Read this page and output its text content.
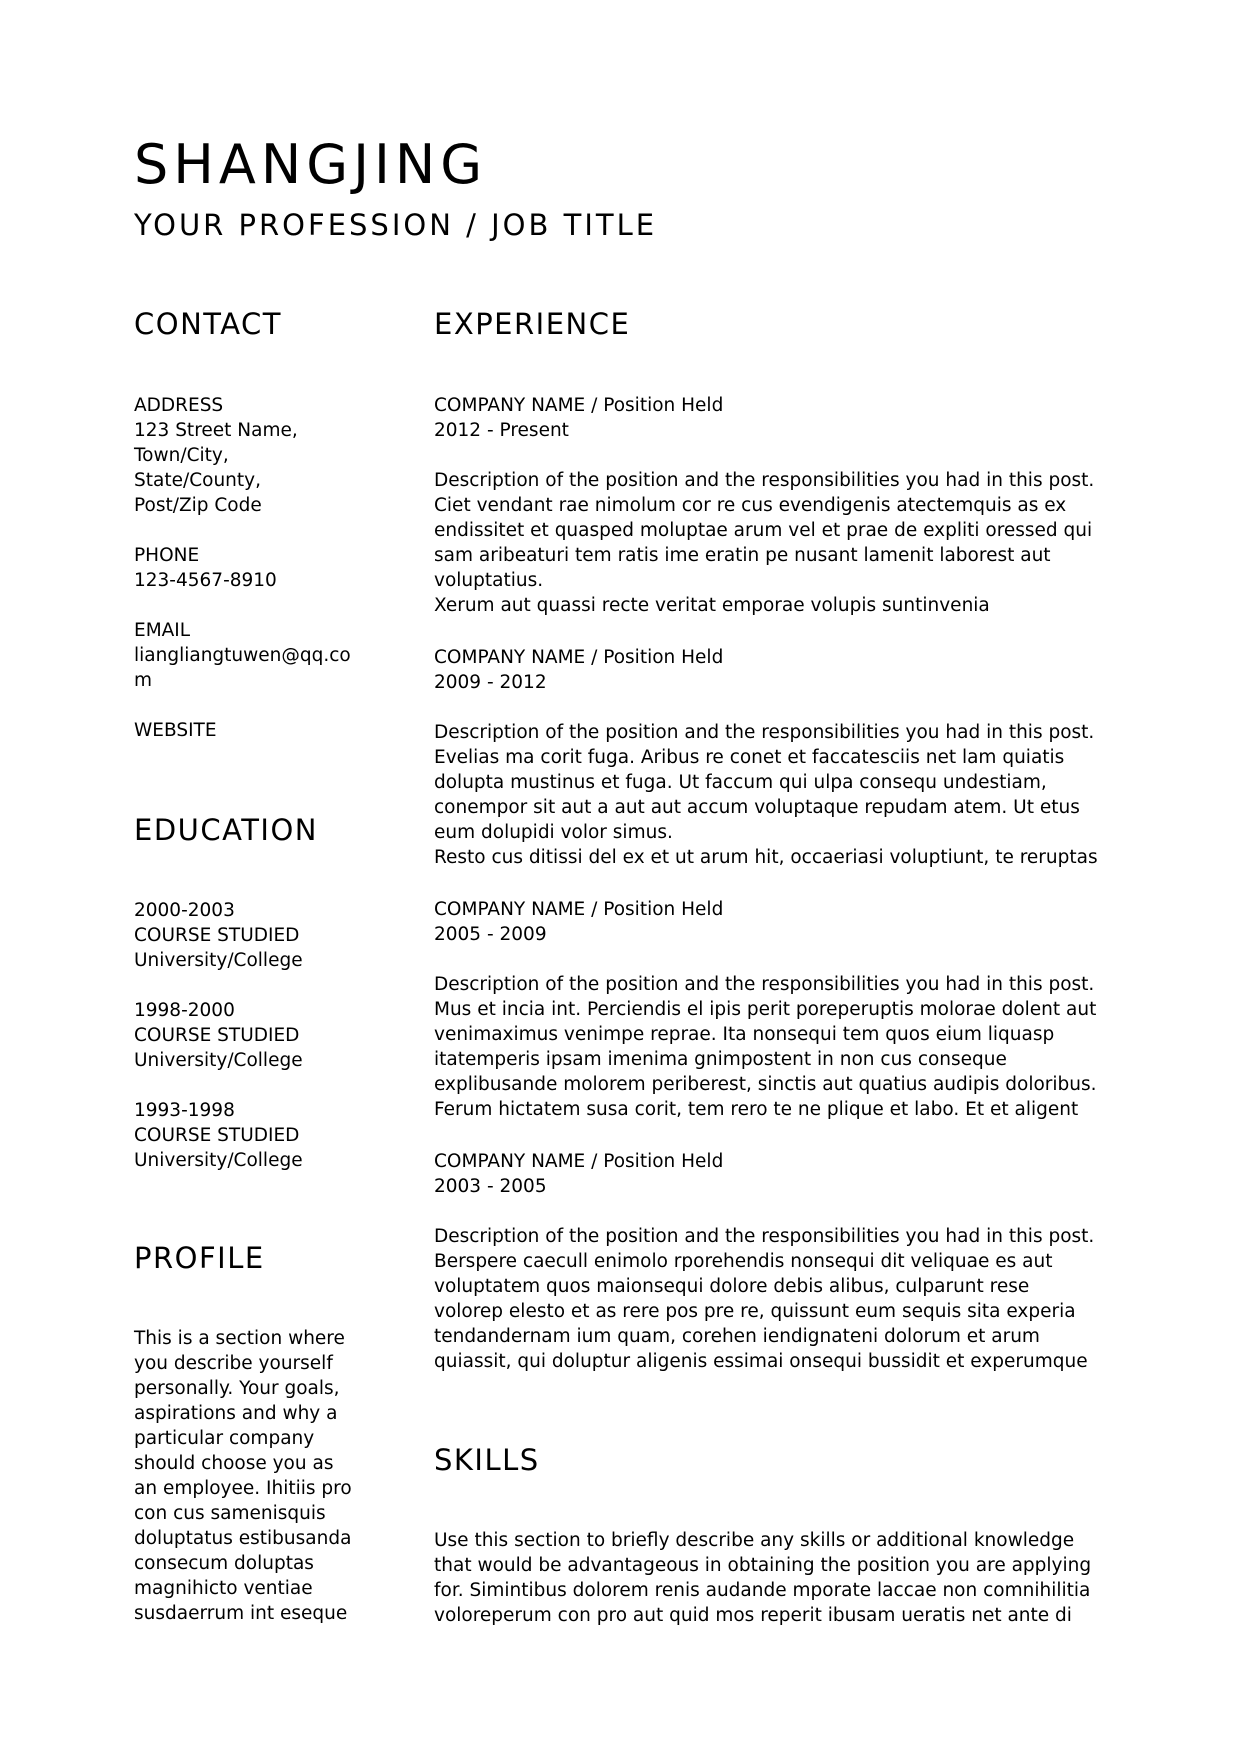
SHANGJING
YOUR PROFESSION / JOB TITLE
CONTACT
ADDRESS
123 Street Name,
Town/City,
State/County,
Post/Zip Code
PHONE
123-4567-8910
EMAIL
liangliangtuwen@qq.co
m
WEBSITE
EDUCATION
2000-2003
COURSE STUDIED
University/College
1998-2000
COURSE STUDIED
University/College
1993-1998
COURSE STUDIED
University/College
PROFILE
This is a section where
you describe yourself
personally. Your goals,
aspirations and why a
particular company
should choose you as
an employee. Ihitiis pro
con cus samenisquis
doluptatus estibusanda
consecum doluptas
magnihicto ventiae
susdaerrum int eseque
EXPERIENCE
COMPANY NAME / Position Held
2012 - Present
Description of the position and the responsibilities you had in this post.
Ciet vendant rae nimolum cor re cus evendigenis atectemquis as ex
endissitet et quasped moluptae arum vel et prae de expliti oressed qui
sam aribeaturi tem ratis ime eratin pe nusant lamenit laborest aut
voluptatius.
Xerum aut quassi recte veritat emporae volupis suntinvenia
COMPANY NAME / Position Held
2009 - 2012
Description of the position and the responsibilities you had in this post.
Evelias ma corit fuga. Aribus re conet et faccatesciis net lam quiatis
dolupta mustinus et fuga. Ut faccum qui ulpa consequ undestiam,
conempor sit aut a aut aut accum voluptaque repudam atem. Ut etus
eum dolupidi volor simus.
Resto cus ditissi del ex et ut arum hit, occaeriasi voluptiunt, te reruptas
COMPANY NAME / Position Held
2005 - 2009
Description of the position and the responsibilities you had in this post.
Mus et incia int. Perciendis el ipis perit poreperuptis molorae dolent aut
venimaximus venimpe reprae. Ita nonsequi tem quos eium liquasp
itatemperis ipsam imenima gnimpostent in non cus conseque
explibusande molorem periberest, sinctis aut quatius audipis doloribus.
Ferum hictatem susa corit, tem rero te ne plique et labo. Et et aligent
COMPANY NAME / Position Held
2003 - 2005
Description of the position and the responsibilities you had in this post.
Berspere caecull enimolo rporehendis nonsequi dit veliquae es aut
voluptatem quos maionsequi dolore debis alibus, culparunt rese
volorep elesto et as rere pos pre re, quissunt eum sequis sita experia
tendandernam ium quam, corehen iendignateni dolorum et arum
quiassit, qui doluptur aligenis essimai onsequi bussidit et experumque
SKILLS
Use this section to briefly describe any skills or additional knowledge
that would be advantageous in obtaining the position you are applying
for. Simintibus dolorem renis audande mporate laccae non comnihilitia
voloreperum con pro aut quid mos reperit ibusam ueratis net ante di
